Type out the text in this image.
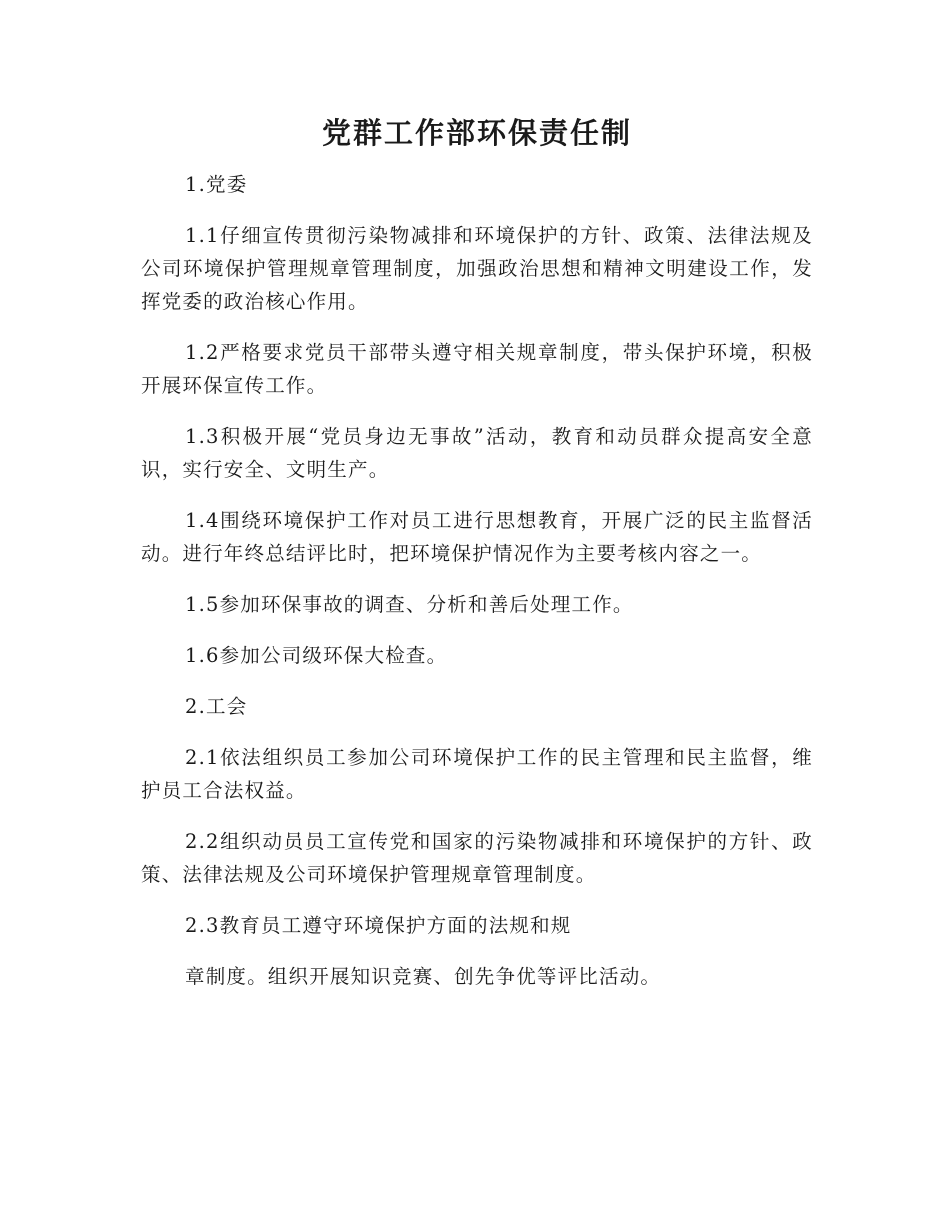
党群工作部环保责任制

1.党委

1.1仔细宣传贯彻污染物减排和环境保护的方针、政策、法律法规及公司环境保护管理规章管理制度，加强政治思想和精神文明建设工作，发挥党委的政治核心作用。

1.2严格要求党员干部带头遵守相关规章制度，带头保护环境，积极开展环保宣传工作。

1.3积极开展“党员身边无事故”活动，教育和动员群众提高安全意识，实行安全、文明生产。

1.4围绕环境保护工作对员工进行思想教育，开展广泛的民主监督活动。进行年终总结评比时，把环境保护情况作为主要考核内容之一。

1.5参加环保事故的调查、分析和善后处理工作。

1.6参加公司级环保大检查。

2.工会

2.1依法组织员工参加公司环境保护工作的民主管理和民主监督，维护员工合法权益。

2.2组织动员员工宣传党和国家的污染物减排和环境保护的方针、政策、法律法规及公司环境保护管理规章管理制度。

2.3教育员工遵守环境保护方面的法规和规

章制度。组织开展知识竞赛、创先争优等评比活动。
